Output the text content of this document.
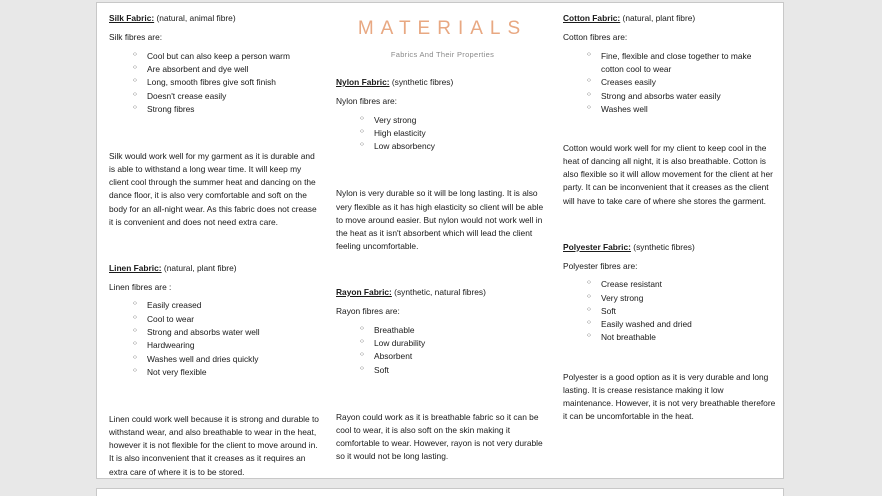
Silk Fabric: (natural, animal fibre)

Silk fibres are:

○ Cool but can also keep a person warm
○ Are absorbent and dye well
○ Long, smooth fibres give soft finish
○ Doesn't crease easily
○ Strong fibres

Silk would work well for my garment as it is durable and is able to withstand a long wear time. It will keep my client cool through the summer heat and dancing on the dance floor, it is also very comfortable and soft on the body for an all-night wear. As this fabric does not crease it is convenient and does not need extra care.

Linen Fabric: (natural, plant fibre)

Linen fibres are :

○ Easily creased
○ Cool to wear
○ Strong and absorbs water well
○ Hardwearing
○ Washes well and dries quickly
○ Not very flexible

Linen could work well because it is strong and durable to withstand wear, and also breathable to wear in the heat, however it is not flexible for the client to move around in. It is also inconvenient that it creases as it requires an extra care of where it is to be stored.

MATERIALS

Fabrics And Their Properties

Nylon Fabric: (synthetic fibres)

Nylon fibres are:

○ Very strong
○ High elasticity
○ Low absorbency

Nylon is very durable so it will be long lasting. It is also very flexible as it has high elasticity so client will be able to move around easier. But nylon would not work well in the heat as it isn't absorbent which will lead the client feeling uncomfortable.

Rayon Fabric: (synthetic, natural fibres)

Rayon fibres are:

○ Breathable
○ Low durability
○ Absorbent
○ Soft

Rayon could work as it is breathable fabric so it can be cool to wear, it is also soft on the skin making it comfortable to wear. However, rayon is not very durable so it would not be long lasting.

Cotton Fabric: (natural, plant fibre)

Cotton fibres are:

○ Fine, flexible and close together to make cotton cool to wear
○ Creases easily
○ Strong and absorbs water easily
○ Washes well

Cotton would work well for my client to keep cool in the heat of dancing all night, it is also breathable. Cotton is also flexible so it will allow movement for the client at her party. It can be inconvenient that it creases as the client will have to take care of where she stores the garment.

Polyester Fabric: (synthetic fibres)

Polyester fibres are:

○ Crease resistant
○ Very strong
○ Soft
○ Easily washed and dried
○ Not breathable

Polyester is a good option as it is very durable and long lasting. It is crease resistance making it low maintenance. However, it is not very breathable therefore it can be uncomfortable in the heat.
